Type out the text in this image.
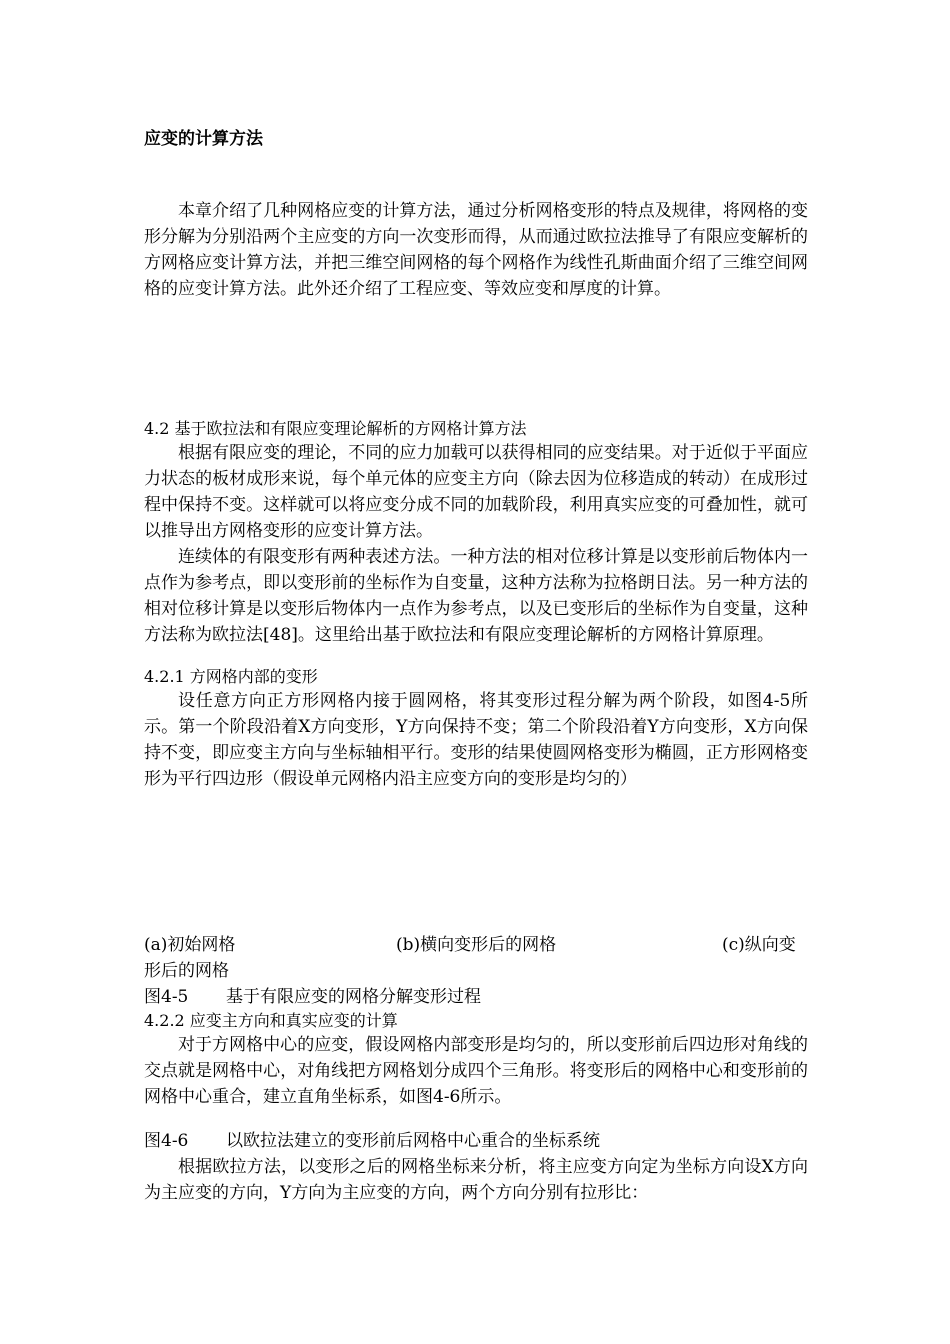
应变的计算方法

本章介绍了几种网格应变的计算方法，通过分析网格变形的特点及规律，将网格的变形分解为分别沿两个主应变的方向一次变形而得，从而通过欧拉法推导了有限应变解析的方网格应变计算方法，并把三维空间网格的每个网格作为线性孔斯曲面介绍了三维空间网格的应变计算方法。此外还介绍了工程应变、等效应变和厚度的计算。

4.2 基于欧拉法和有限应变理论解析的方网格计算方法

根据有限应变的理论，不同的应力加载可以获得相同的应变结果。对于近似于平面应力状态的板材成形来说，每个单元体的应变主方向（除去因为位移造成的转动）在成形过程中保持不变。这样就可以将应变分成不同的加载阶段，利用真实应变的可叠加性，就可以推导出方网格变形的应变计算方法。

连续体的有限变形有两种表述方法。一种方法的相对位移计算是以变形前后物体内一点作为参考点，即以变形前的坐标作为自变量，这种方法称为拉格朗日法。另一种方法的相对位移计算是以变形后物体内一点作为参考点，以及已变形后的坐标作为自变量，这种方法称为欧拉法[48]。这里给出基于欧拉法和有限应变理论解析的方网格计算原理。

4.2.1 方网格内部的变形

设任意方向正方形网格内接于圆网格，将其变形过程分解为两个阶段，如图4-5所示。第一个阶段沿着X方向变形，Y方向保持不变；第二个阶段沿着Y方向变形，X方向保持不变，即应变主方向与坐标轴相平行。变形的结果使圆网格变形为椭圆，正方形网格变形为平行四边形（假设单元网格内沿主应变方向的变形是均匀的）

(a)初始网格	(b)横向变形后的网格	(c)纵向变
形后的网格
图4-5 基于有限应变的网格分解变形过程

4.2.2 应变主方向和真实应变的计算

对于方网格中心的应变，假设网格内部变形是均匀的，所以变形前后四边形对角线的交点就是网格中心，对角线把方网格划分成四个三角形。将变形后的网格中心和变形前的网格中心重合，建立直角坐标系，如图4-6所示。

图4-6 以欧拉法建立的变形前后网格中心重合的坐标系统

根据欧拉方法，以变形之后的网格坐标来分析，将主应变方向定为坐标方向设X方向为主应变的方向，Y方向为主应变的方向，两个方向分别有拉形比：
